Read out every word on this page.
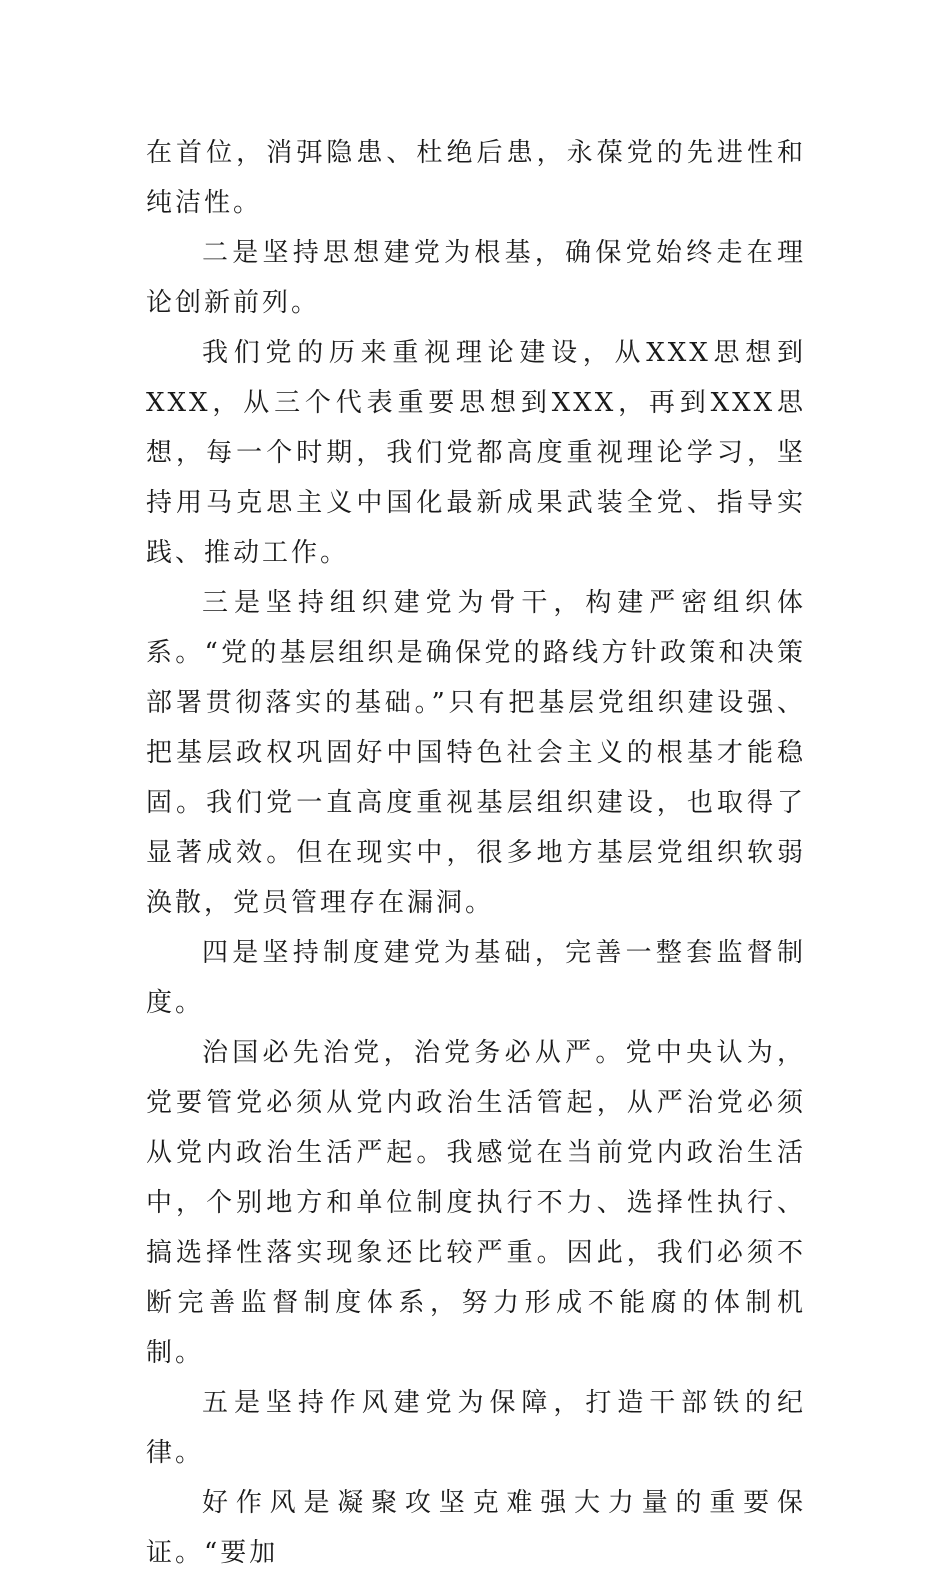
在首位，消弭隐患、杜绝后患，永葆党的先进性和纯洁性。

二是坚持思想建党为根基，确保党始终走在理论创新前列。

我们党的历来重视理论建设，从XXX思想到XXX，从三个代表重要思想到XXX，再到XXX思想，每一个时期，我们党都高度重视理论学习，坚持用马克思主义中国化最新成果武装全党、指导实践、推动工作。

三是坚持组织建党为骨干，构建严密组织体系。“党的基层组织是确保党的路线方针政策和决策部署贯彻落实的基础。”只有把基层党组织建设强、把基层政权巩固好中国特色社会主义的根基才能稳固。我们党一直高度重视基层组织建设，也取得了显著成效。但在现实中，很多地方基层党组织软弱涣散，党员管理存在漏洞。

四是坚持制度建党为基础，完善一整套监督制度。

治国必先治党，治党务必从严。党中央认为，党要管党必须从党内政治生活管起，从严治党必须从党内政治生活严起。我感觉在当前党内政治生活中，个别地方和单位制度执行不力、选择性执行、搞选择性落实现象还比较严重。因此，我们必须不断完善监督制度体系，努力形成不能腐的体制机制。

五是坚持作风建党为保障，打造干部铁的纪律。

好作风是凝聚攻坚克难强大力量的重要保证。“要加
